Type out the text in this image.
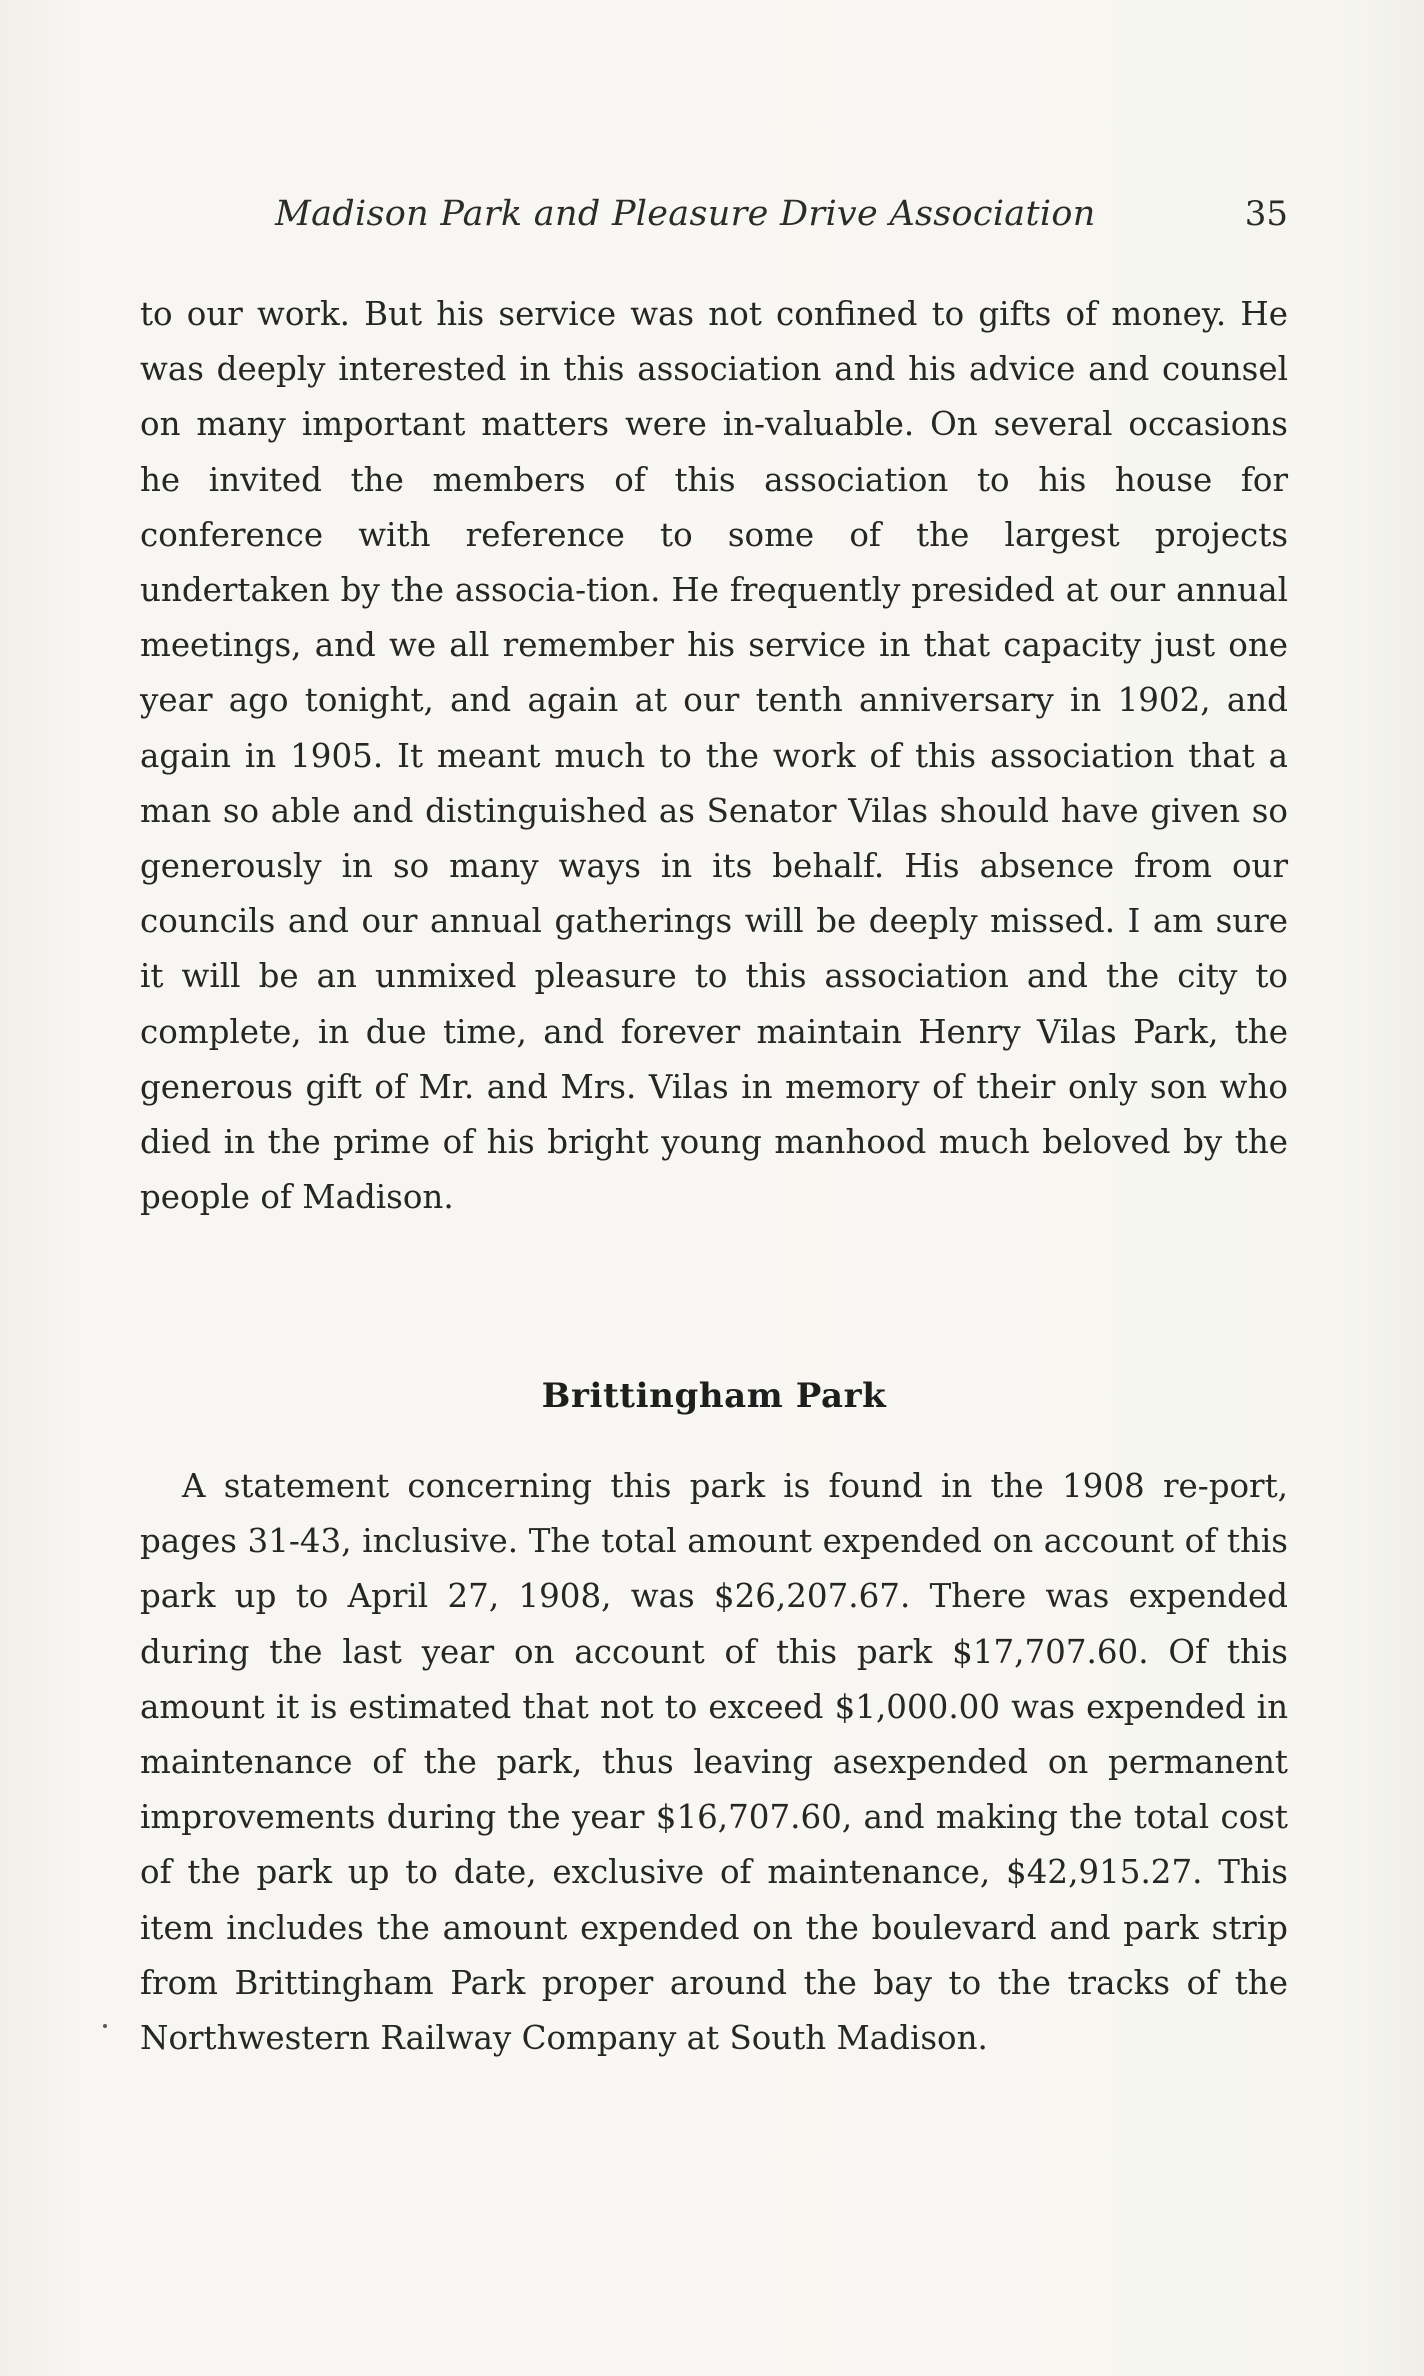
Madison Park and Pleasure Drive Association	35

to our work. But his service was not confined to gifts of money. He was deeply interested in this association and his advice and counsel on many important matters were in-valuable. On several occasions he invited the members of this association to his house for conference with reference to some of the largest projects undertaken by the associa-tion. He frequently presided at our annual meetings, and we all remember his service in that capacity just one year ago tonight, and again at our tenth anniversary in 1902, and again in 1905. It meant much to the work of this association that a man so able and distinguished as Senator Vilas should have given so generously in so many ways in its behalf. His absence from our councils and our annual gatherings will be deeply missed. I am sure it will be an unmixed pleasure to this association and the city to complete, in due time, and forever maintain Henry Vilas Park, the generous gift of Mr. and Mrs. Vilas in memory of their only son who died in the prime of his bright young manhood much beloved by the people of Madison.

Brittingham Park

A statement concerning this park is found in the 1908 re-port, pages 31-43, inclusive. The total amount expended on account of this park up to April 27, 1908, was $26,207.67. There was expended during the last year on account of this park $17,707.60. Of this amount it is estimated that not to exceed $1,000.00 was expended in maintenance of the park, thus leaving asexpended on permanent improvements during the year $16,707.60, and making the total cost of the park up to date, exclusive of maintenance, $42,915.27. This item includes the amount expended on the boulevard and park strip from Brittingham Park proper around the bay to the tracks of the Northwestern Railway Company at South Madison.
